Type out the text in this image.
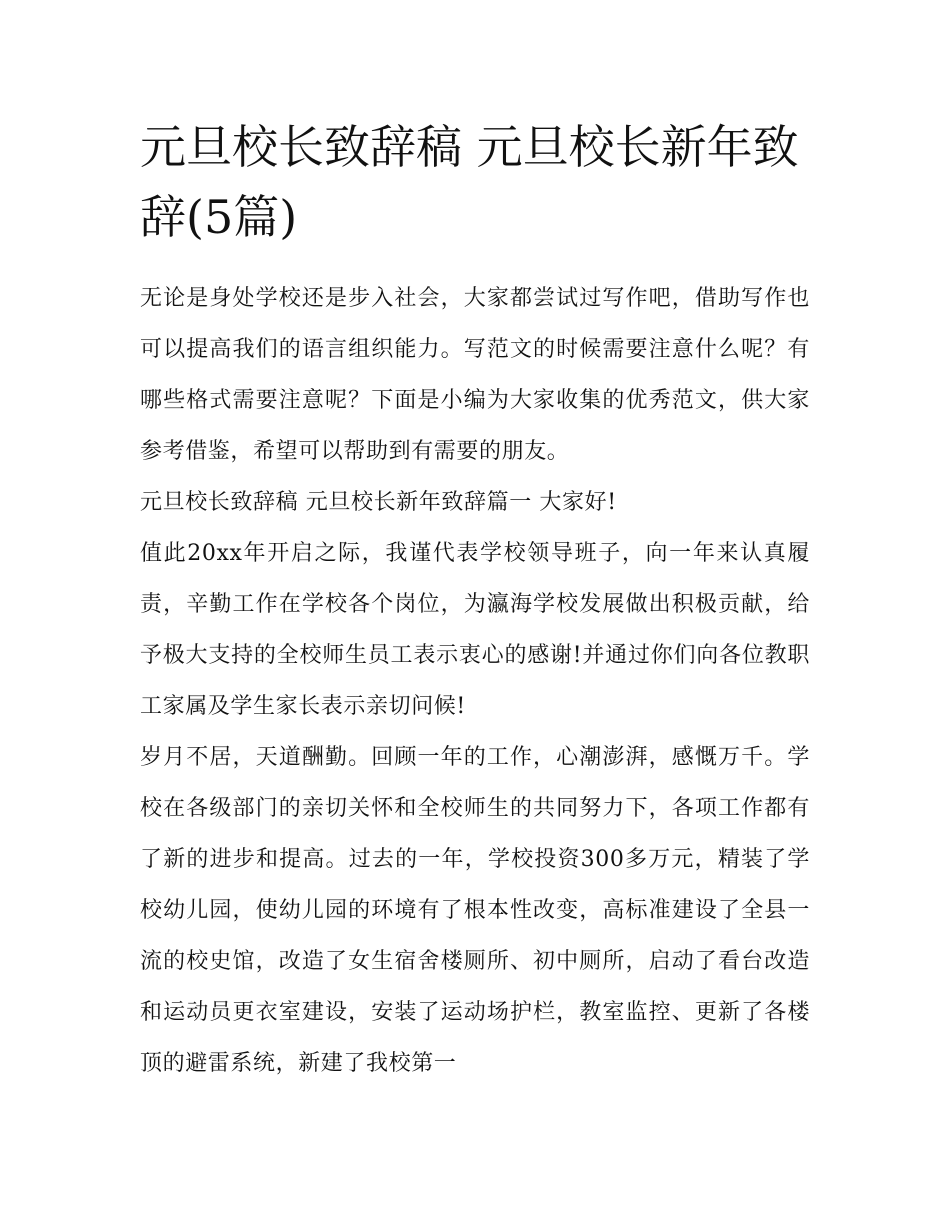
元旦校长致辞稿 元旦校长新年致辞(5篇)

无论是身处学校还是步入社会，大家都尝试过写作吧，借助写作也可以提高我们的语言组织能力。写范文的时候需要注意什么呢？有哪些格式需要注意呢？下面是小编为大家收集的优秀范文，供大家参考借鉴，希望可以帮助到有需要的朋友。

元旦校长致辞稿 元旦校长新年致辞篇一 大家好!

值此20xx年开启之际，我谨代表学校领导班子，向一年来认真履责，辛勤工作在学校各个岗位，为瀛海学校发展做出积极贡献，给予极大支持的全校师生员工表示衷心的感谢!并通过你们向各位教职工家属及学生家长表示亲切问候!

岁月不居，天道酬勤。回顾一年的工作，心潮澎湃，感慨万千。学校在各级部门的亲切关怀和全校师生的共同努力下，各项工作都有了新的进步和提高。过去的一年，学校投资300多万元，精装了学校幼儿园，使幼儿园的环境有了根本性改变，高标准建设了全县一流的校史馆，改造了女生宿舍楼厕所、初中厕所，启动了看台改造和运动员更衣室建设，安装了运动场护栏，教室监控、更新了各楼顶的避雷系统，新建了我校第一
